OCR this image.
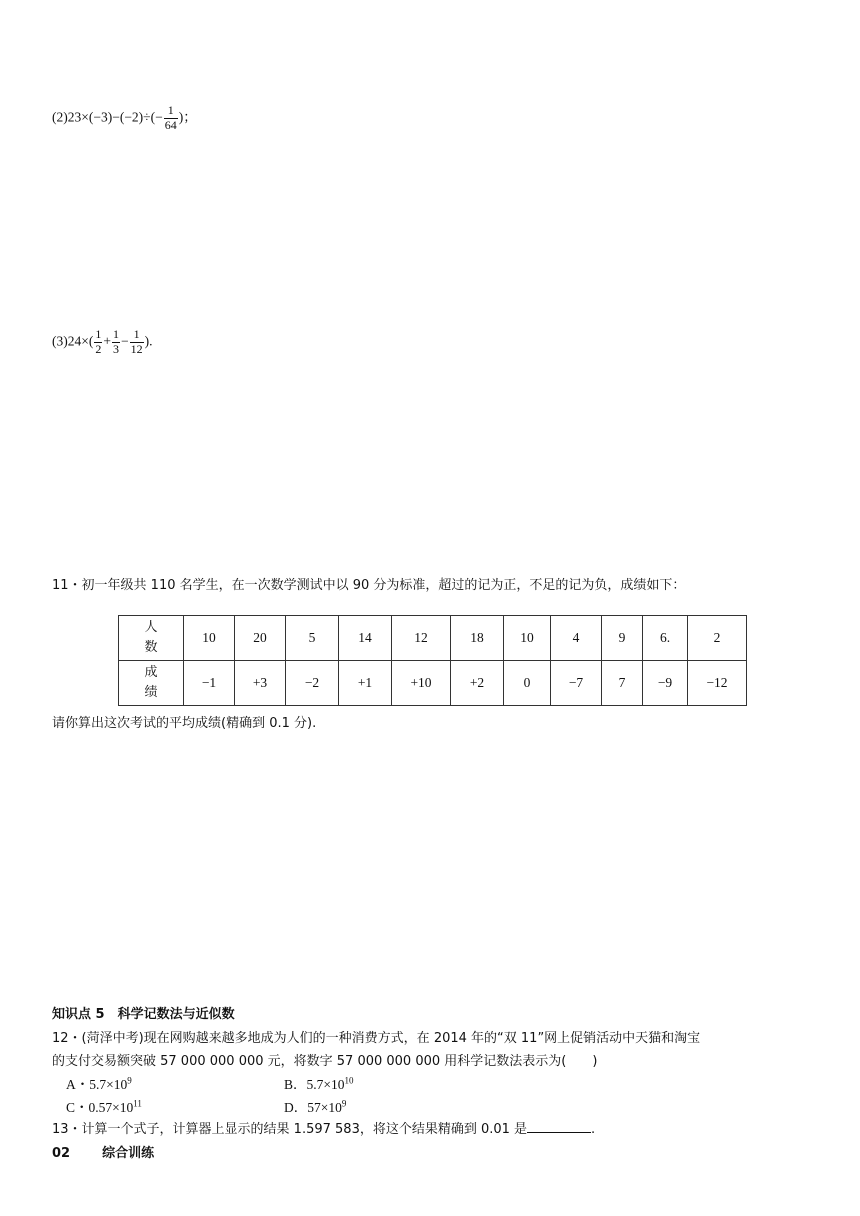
$(2)23\times(-3)-(-2)\div(- \frac{1}{64}$ )；
$(3)24\times( \frac{1}{2} + \frac{1}{3} - \frac{1}{12}$ ).
11・初一年级共 110 名学生，在一次数学测试中以 90 分为标准，超过的记为正，不足的记为负，成绩如下：
人
数	10	20	5	14	12	18	10	4	9	6.	2
成
绩	−1	+3	−2	+1	+10	+2	0	−7	7	−9	−12
请你算出这次考试的平均成绩(精确到 0.1 分).
知识点 5　科学记数法与近似数
12・(菏泽中考)现在网购越来越多地成为人们的一种消费方式，在 2014 年的“双 11”网上促销活动中天猫和淘宝
的支付交易额突破 57 000 000 000 元，将数字 57 000 000 000 用科学记数法表示为(　　)
A・$5.7\times 10^9$	B．$5.7\times 10^{10}$
C・$0.57\times 10^{11}$	D．$57\times 10^9$
13・计算一个式子，计算器上显示的结果 1.597 583，将这个结果精确到 0.01 是	.
02 综合训练
